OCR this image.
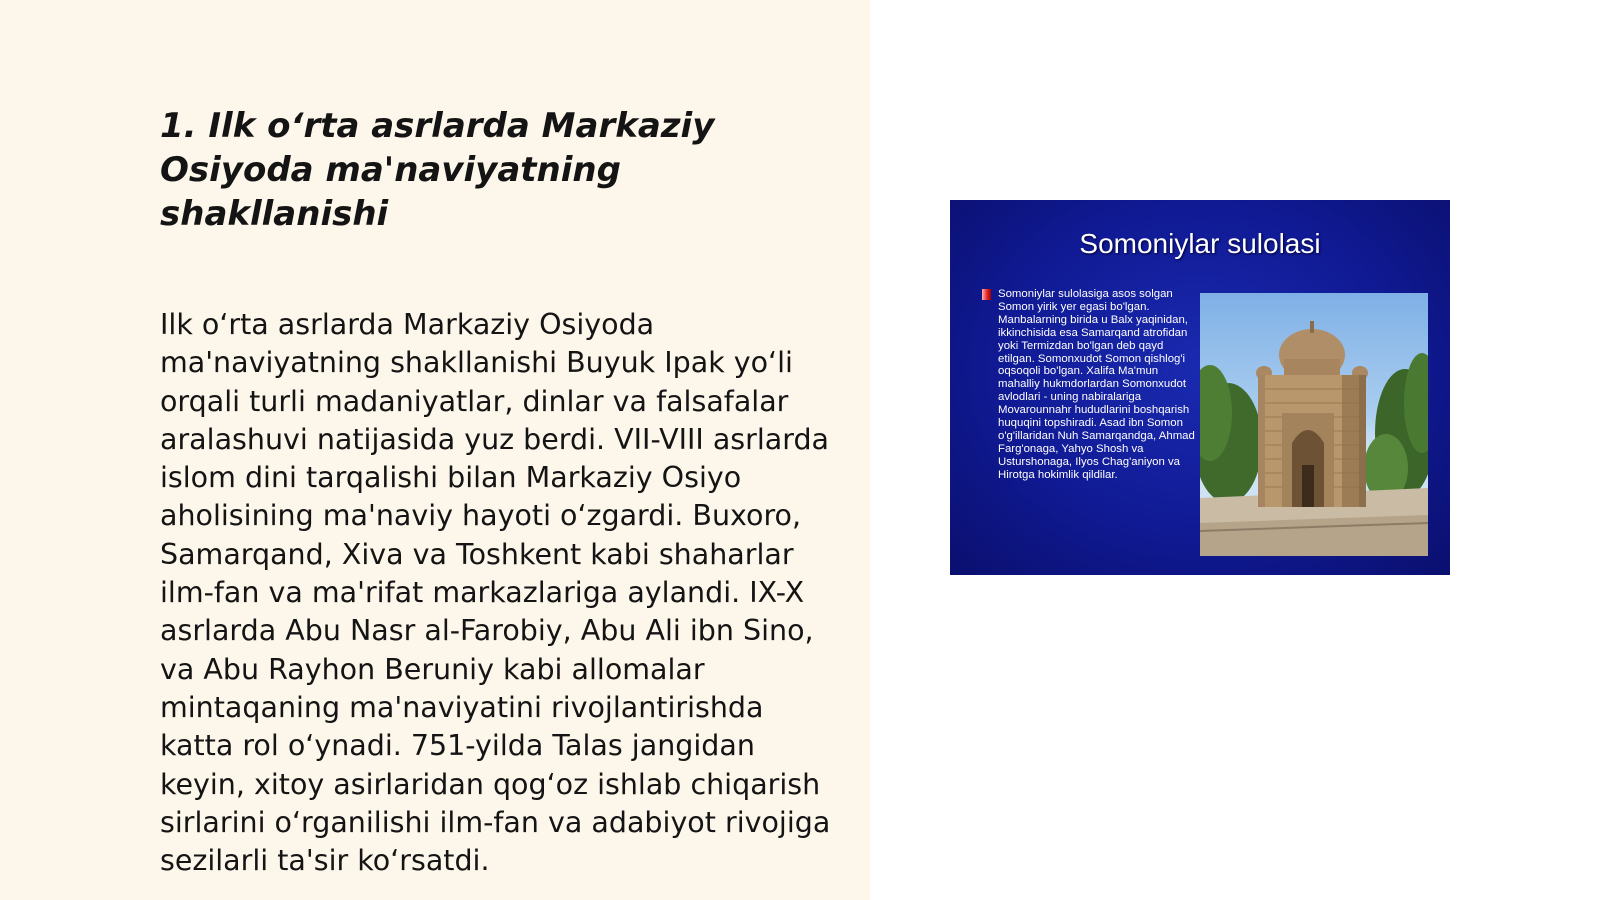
1. Ilk o‘rta asrlarda Markaziy Osiyoda ma'naviyatning shakllanishi

Ilk o‘rta asrlarda Markaziy Osiyoda ma'naviyatning shakllanishi Buyuk Ipak yo‘li orqali turli madaniyatlar, dinlar va falsafalar aralashuvi natijasida yuz berdi. VII-VIII asrlarda islom dini tarqalishi bilan Markaziy Osiyo aholisining ma'naviy hayoti o‘zgardi. Buxoro, Samarqand, Xiva va Toshkent kabi shaharlar ilm-fan va ma'rifat markazlariga aylandi. IX-X asrlarda Abu Nasr al-Farobiy, Abu Ali ibn Sino, va Abu Rayhon Beruniy kabi allomalar mintaqaning ma'naviyatini rivojlantirishda katta rol o‘ynadi. 751-yilda Talas jangidan keyin, xitoy asirlaridan qog‘oz ishlab chiqarish sirlarini o‘rganilishi ilm-fan va adabiyot rivojiga sezilarli ta'sir ko‘rsatdi.

Somoniylar sulolasi

Somoniylar sulolasiga asos solgan Somon yirik yer egasi bo'lgan. Manbalarning birida u Balx yaqinidan, ikkinchisida esa Samarqand atrofidan yoki Termizdan bo'lgan deb qayd etilgan. Somonxudot Somon qishlog'i oqsoqoli bo'lgan. Xalifa Ma'mun mahalliy hukmdorlardan Somonxudot avlodlari - uning nabiralariga Movarounnahr hududlarini boshqarish huquqini topshiradi. Asad ibn Somon o'g'illaridan Nuh Samarqandga, Ahmad Farg'onaga, Yahyo Shosh va Usturshonaga, Ilyos Chag'aniyon va Hirotga hokimlik qildilar.
